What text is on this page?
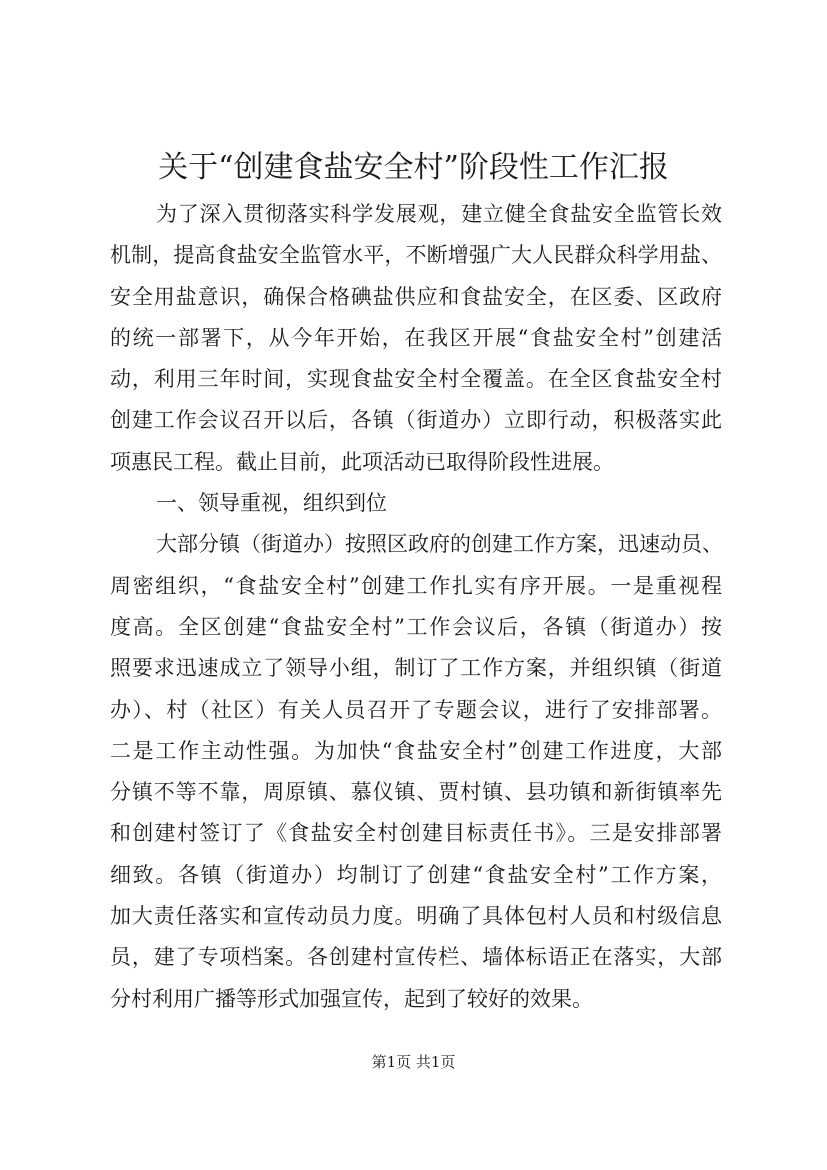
关于“创建食盐安全村”阶段性工作汇报
为了深入贯彻落实科学发展观，建立健全食盐安全监管长效
机制，提高食盐安全监管水平，不断增强广大人民群众科学用盐、
安全用盐意识，确保合格碘盐供应和食盐安全，在区委、区政府
的统一部署下，从今年开始，在我区开展“食盐安全村”创建活
动，利用三年时间，实现食盐安全村全覆盖。在全区食盐安全村
创建工作会议召开以后，各镇（街道办）立即行动，积极落实此
项惠民工程。截止目前，此项活动已取得阶段性进展。
一、领导重视，组织到位
大部分镇（街道办）按照区政府的创建工作方案，迅速动员、
周密组织，“食盐安全村”创建工作扎实有序开展。一是重视程
度高。全区创建“食盐安全村”工作会议后，各镇（街道办）按
照要求迅速成立了领导小组，制订了工作方案，并组织镇（街道
办）、村（社区）有关人员召开了专题会议，进行了安排部署。
二是工作主动性强。为加快“食盐安全村”创建工作进度，大部
分镇不等不靠，周原镇、慕仪镇、贾村镇、县功镇和新街镇率先
和创建村签订了《食盐安全村创建目标责任书》。三是安排部署
细致。各镇（街道办）均制订了创建“食盐安全村”工作方案，
加大责任落实和宣传动员力度。明确了具体包村人员和村级信息
员，建了专项档案。各创建村宣传栏、墙体标语正在落实，大部
分村利用广播等形式加强宣传，起到了较好的效果。
第1页 共1页
